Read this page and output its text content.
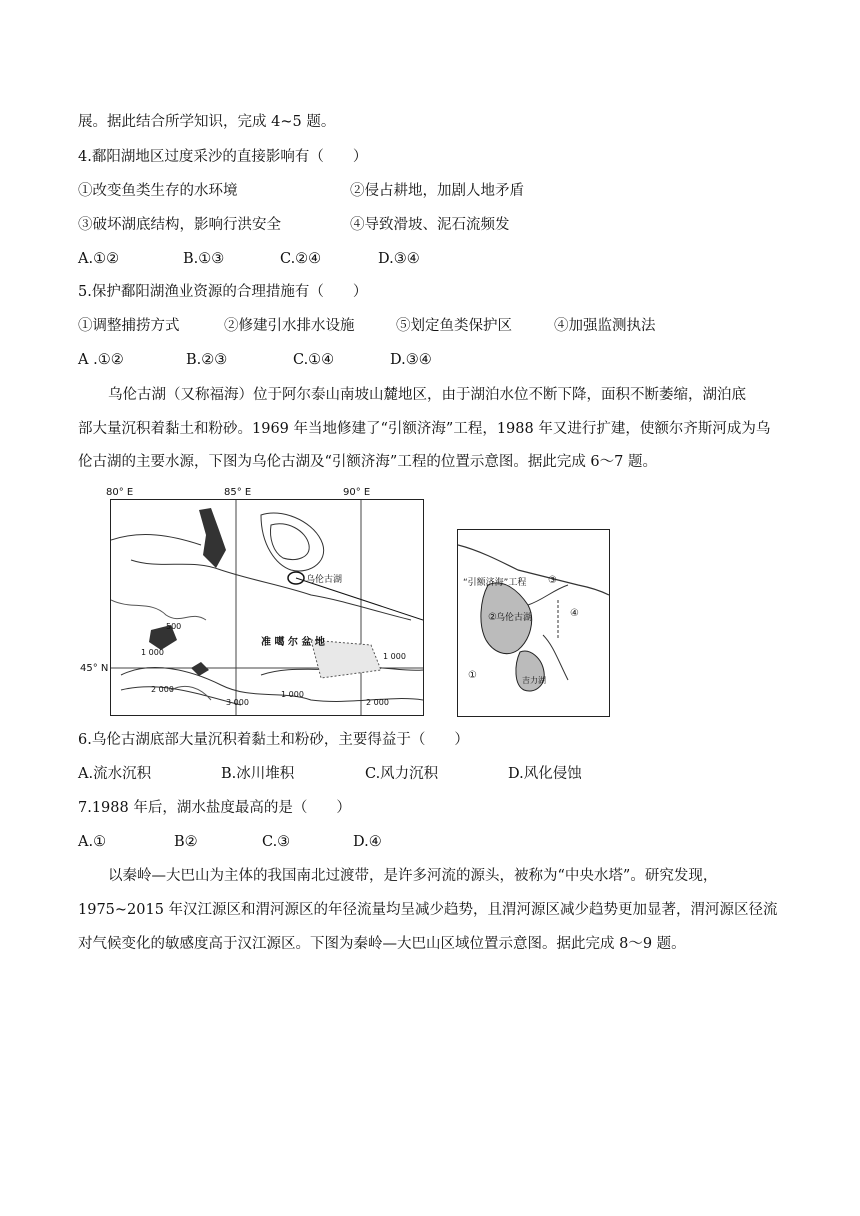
展。据此结合所学知识，完成 4~5 题。
4.鄱阳湖地区过度采沙的直接影响有（　　）
①改变鱼类生存的水环境	②侵占耕地，加剧人地矛盾
③破坏湖底结构，影响行洪安全	④导致滑坡、泥石流频发
A.①②	B.①③	C.②④	D.③④
5.保护鄱阳湖渔业资源的合理措施有（　　）
①调整捕捞方式	②修建引水排水设施	⑤划定鱼类保护区	④加强监测执法
A .①②	B.②③	C.①④	D.③④
乌伦古湖（又称福海）位于阿尔泰山南坡山麓地区，由于湖泊水位不断下降，面积不断萎缩，湖泊底
部大量沉积着黏土和粉砂。1969 年当地修建了“引额济海”工程，1988 年又进行扩建，使额尔齐斯河成为乌
伦古湖的主要水源，下图为乌伦古湖及“引额济海”工程的位置示意图。据此完成 6～7 题。
80° E	85° E	90° E
45° N
准 噶 尔 盆 地
乌伦古湖
500
1 000
2 000
1 000
3 000	2 000
1 000
“引额济海”工程
乌伦古湖
吉力湖
①
②
③
④
6.乌伦古湖底部大量沉积着黏土和粉砂，主要得益于（　　）
A.流水沉积	B.冰川堆积	C.风力沉积	D.风化侵蚀
7.1988 年后，湖水盐度最高的是（　　）
A.①	B②	C.③	D.④
以秦岭—大巴山为主体的我国南北过渡带，是许多河流的源头，被称为“中央水塔”。研究发现，
1975~2015 年汉江源区和渭河源区的年径流量均呈减少趋势，且渭河源区减少趋势更加显著，渭河源区径流
对气候变化的敏感度高于汉江源区。下图为秦岭—大巴山区域位置示意图。据此完成 8～9 题。
